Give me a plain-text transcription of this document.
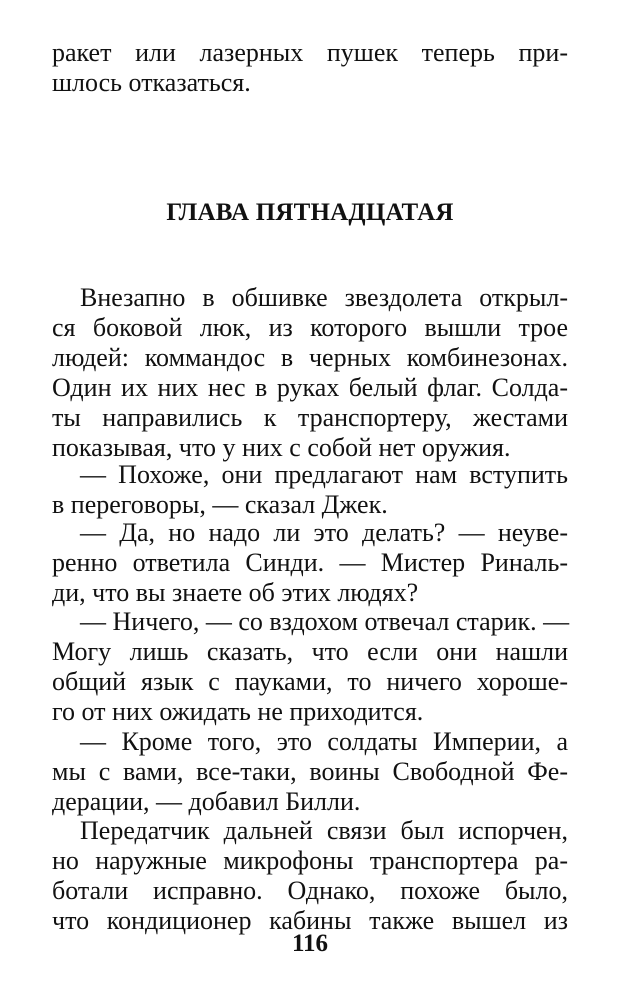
ракет или лазерных пушек теперь при-
шлось отказаться.
ГЛАВА ПЯТНАДЦАТАЯ
Внезапно в обшивке звездолета открыл-
ся боковой люк, из которого вышли трое
людей: коммандос в черных комбинезонах.
Один их них нес в руках белый флаг. Солда-
ты направились к транспортеру, жестами
показывая, что у них с собой нет оружия.
— Похоже, они предлагают нам вступить
в переговоры, — сказал Джек.
— Да, но надо ли это делать? — неуве-
ренно ответила Синди. — Мистер Риналь-
ди, что вы знаете об этих людях?
— Ничего, — со вздохом отвечал старик. —
Могу лишь сказать, что если они нашли
общий язык с пауками, то ничего хороше-
го от них ожидать не приходится.
— Кроме того, это солдаты Империи, а
мы с вами, все-таки, воины Свободной Фе-
дерации, — добавил Билли.
Передатчик дальней связи был испорчен,
но наружные микрофоны транспортера ра-
ботали исправно. Однако, похоже было,
что кондиционер кабины также вышел из
116
